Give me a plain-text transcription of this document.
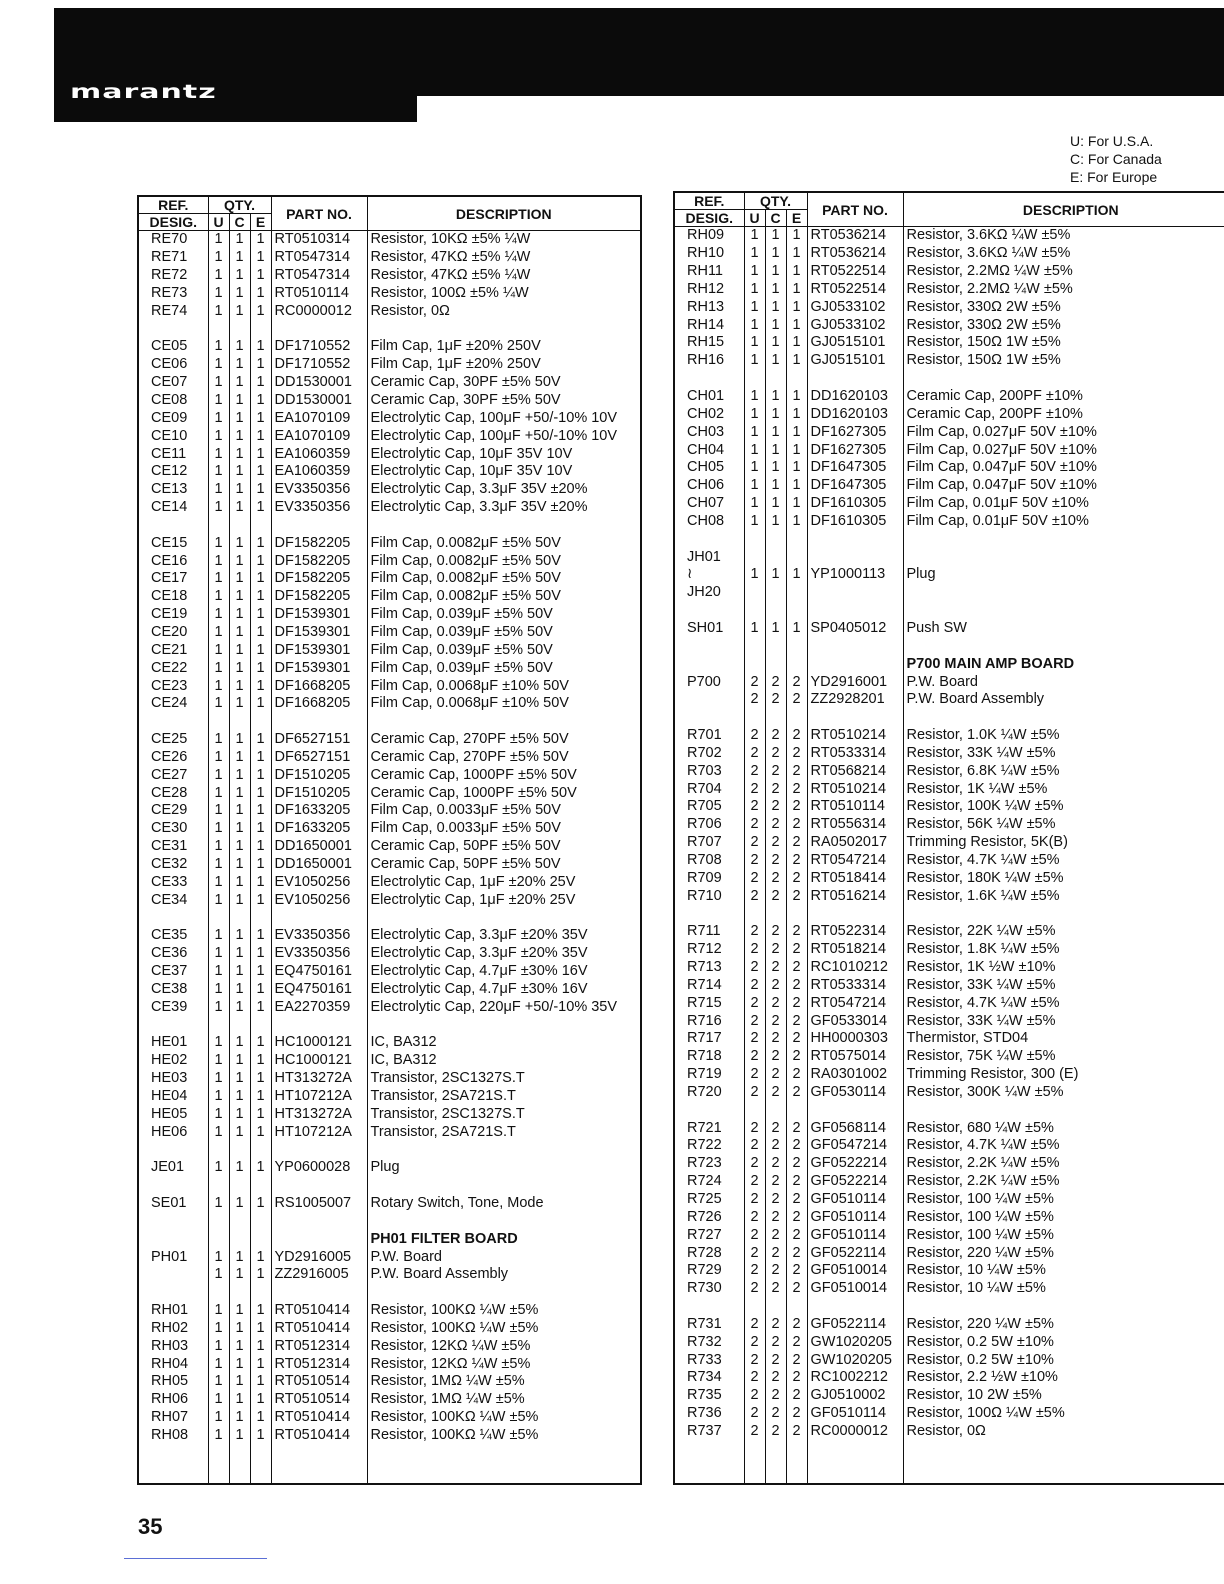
marantz
U: For U.S.A.
C: For Canada
E: For Europe
REF.	QTY.			PART NO.	DESCRIPTION
DESIG.	U	C	E		
RE70	1	1	1	RT0510314	Resistor, 10KΩ ±5% ¼W
RE71	1	1	1	RT0547314	Resistor, 47KΩ ±5% ¼W
RE72	1	1	1	RT0547314	Resistor, 47KΩ ±5% ¼W
RE73	1	1	1	RT0510114	Resistor, 100Ω ±5% ¼W
RE74	1	1	1	RC0000012	Resistor, 0Ω

CE05	1	1	1	DF1710552	Film Cap, 1μF ±20% 250V
CE06	1	1	1	DF1710552	Film Cap, 1μF ±20% 250V
CE07	1	1	1	DD1530001	Ceramic Cap, 30PF ±5% 50V
CE08	1	1	1	DD1530001	Ceramic Cap, 30PF ±5% 50V
CE09	1	1	1	EA1070109	Electrolytic Cap, 100μF +50/-10% 10V
CE10	1	1	1	EA1070109	Electrolytic Cap, 100μF +50/-10% 10V
CE11	1	1	1	EA1060359	Electrolytic Cap, 10μF 35V 10V
CE12	1	1	1	EA1060359	Electrolytic Cap, 10μF 35V 10V
CE13	1	1	1	EV3350356	Electrolytic Cap, 3.3μF 35V ±20%
CE14	1	1	1	EV3350356	Electrolytic Cap, 3.3μF 35V ±20%

CE15	1	1	1	DF1582205	Film Cap, 0.0082μF ±5% 50V
CE16	1	1	1	DF1582205	Film Cap, 0.0082μF ±5% 50V
CE17	1	1	1	DF1582205	Film Cap, 0.0082μF ±5% 50V
CE18	1	1	1	DF1582205	Film Cap, 0.0082μF ±5% 50V
CE19	1	1	1	DF1539301	Film Cap, 0.039μF ±5% 50V
CE20	1	1	1	DF1539301	Film Cap, 0.039μF ±5% 50V
CE21	1	1	1	DF1539301	Film Cap, 0.039μF ±5% 50V
CE22	1	1	1	DF1539301	Film Cap, 0.039μF ±5% 50V
CE23	1	1	1	DF1668205	Film Cap, 0.0068μF ±10% 50V
CE24	1	1	1	DF1668205	Film Cap, 0.0068μF ±10% 50V

CE25	1	1	1	DF6527151	Ceramic Cap, 270PF ±5% 50V
CE26	1	1	1	DF6527151	Ceramic Cap, 270PF ±5% 50V
CE27	1	1	1	DF1510205	Ceramic Cap, 1000PF ±5% 50V
CE28	1	1	1	DF1510205	Ceramic Cap, 1000PF ±5% 50V
CE29	1	1	1	DF1633205	Film Cap, 0.0033μF ±5% 50V
CE30	1	1	1	DF1633205	Film Cap, 0.0033μF ±5% 50V
CE31	1	1	1	DD1650001	Ceramic Cap, 50PF ±5% 50V
CE32	1	1	1	DD1650001	Ceramic Cap, 50PF ±5% 50V
CE33	1	1	1	EV1050256	Electrolytic Cap, 1μF ±20% 25V
CE34	1	1	1	EV1050256	Electrolytic Cap, 1μF ±20% 25V

CE35	1	1	1	EV3350356	Electrolytic Cap, 3.3μF ±20% 35V
CE36	1	1	1	EV3350356	Electrolytic Cap, 3.3μF ±20% 35V
CE37	1	1	1	EQ4750161	Electrolytic Cap, 4.7μF ±30% 16V
CE38	1	1	1	EQ4750161	Electrolytic Cap, 4.7μF ±30% 16V
CE39	1	1	1	EA2270359	Electrolytic Cap, 220μF +50/-10% 35V

HE01	1	1	1	HC1000121	IC, BA312
HE02	1	1	1	HC1000121	IC, BA312
HE03	1	1	1	HT313272A	Transistor, 2SC1327S.T
HE04	1	1	1	HT107212A	Transistor, 2SA721S.T
HE05	1	1	1	HT313272A	Transistor, 2SC1327S.T
HE06	1	1	1	HT107212A	Transistor, 2SA721S.T

JE01	1	1	1	YP0600028	Plug

SE01	1	1	1	RS1005007	Rotary Switch, Tone, Mode

					PH01 FILTER BOARD
PH01	1	1	1	YD2916005	P.W. Board
	1	1	1	ZZ2916005	P.W. Board Assembly

RH01	1	1	1	RT0510414	Resistor, 100KΩ ¼W ±5%
RH02	1	1	1	RT0510414	Resistor, 100KΩ ¼W ±5%
RH03	1	1	1	RT0512314	Resistor, 12KΩ ¼W ±5%
RH04	1	1	1	RT0512314	Resistor, 12KΩ ¼W ±5%
RH05	1	1	1	RT0510514	Resistor, 1MΩ ¼W ±5%
RH06	1	1	1	RT0510514	Resistor, 1MΩ ¼W ±5%
RH07	1	1	1	RT0510414	Resistor, 100KΩ ¼W ±5%
RH08	1	1	1	RT0510414	Resistor, 100KΩ ¼W ±5%

REF.	QTY.			PART NO.	DESCRIPTION
DESIG.	U	C	E		
RH09	1	1	1	RT0536214	Resistor, 3.6KΩ ¼W ±5%
RH10	1	1	1	RT0536214	Resistor, 3.6KΩ ¼W ±5%
RH11	1	1	1	RT0522514	Resistor, 2.2MΩ ¼W ±5%
RH12	1	1	1	RT0522514	Resistor, 2.2MΩ ¼W ±5%
RH13	1	1	1	GJ0533102	Resistor, 330Ω 2W ±5%
RH14	1	1	1	GJ0533102	Resistor, 330Ω 2W ±5%
RH15	1	1	1	GJ0515101	Resistor, 150Ω 1W ±5%
RH16	1	1	1	GJ0515101	Resistor, 150Ω 1W ±5%

CH01	1	1	1	DD1620103	Ceramic Cap, 200PF ±10%
CH02	1	1	1	DD1620103	Ceramic Cap, 200PF ±10%
CH03	1	1	1	DF1627305	Film Cap, 0.027μF 50V ±10%
CH04	1	1	1	DF1627305	Film Cap, 0.027μF 50V ±10%
CH05	1	1	1	DF1647305	Film Cap, 0.047μF 50V ±10%
CH06	1	1	1	DF1647305	Film Cap, 0.047μF 50V ±10%
CH07	1	1	1	DF1610305	Film Cap, 0.01μF 50V ±10%
CH08	1	1	1	DF1610305	Film Cap, 0.01μF 50V ±10%

JH01					
≀	1	1	1	YP1000113	Plug
JH20					

SH01	1	1	1	SP0405012	Push SW

					P700 MAIN AMP BOARD
P700	2	2	2	YD2916001	P.W. Board
	2	2	2	ZZ2928201	P.W. Board Assembly

R701	2	2	2	RT0510214	Resistor, 1.0K ¼W ±5%
R702	2	2	2	RT0533314	Resistor, 33K ¼W ±5%
R703	2	2	2	RT0568214	Resistor, 6.8K ¼W ±5%
R704	2	2	2	RT0510214	Resistor, 1K ¼W ±5%
R705	2	2	2	RT0510114	Resistor, 100K ¼W ±5%
R706	2	2	2	RT0556314	Resistor, 56K ¼W ±5%
R707	2	2	2	RA0502017	Trimming Resistor, 5K(B)
R708	2	2	2	RT0547214	Resistor, 4.7K ¼W ±5%
R709	2	2	2	RT0518414	Resistor, 180K ¼W ±5%
R710	2	2	2	RT0516214	Resistor, 1.6K ¼W ±5%

R711	2	2	2	RT0522314	Resistor, 22K ¼W ±5%
R712	2	2	2	RT0518214	Resistor, 1.8K ¼W ±5%
R713	2	2	2	RC1010212	Resistor, 1K ½W ±10%
R714	2	2	2	RT0533314	Resistor, 33K ¼W ±5%
R715	2	2	2	RT0547214	Resistor, 4.7K ¼W ±5%
R716	2	2	2	GF0533014	Resistor, 33K ¼W ±5%
R717	2	2	2	HH0000303	Thermistor, STD04
R718	2	2	2	RT0575014	Resistor, 75K ¼W ±5%
R719	2	2	2	RA0301002	Trimming Resistor, 300 (E)
R720	2	2	2	GF0530114	Resistor, 300K ¼W ±5%

R721	2	2	2	GF0568114	Resistor, 680 ¼W ±5%
R722	2	2	2	GF0547214	Resistor, 4.7K ¼W ±5%
R723	2	2	2	GF0522214	Resistor, 2.2K ¼W ±5%
R724	2	2	2	GF0522214	Resistor, 2.2K ¼W ±5%
R725	2	2	2	GF0510114	Resistor, 100 ¼W ±5%
R726	2	2	2	GF0510114	Resistor, 100 ¼W ±5%
R727	2	2	2	GF0510114	Resistor, 100 ¼W ±5%
R728	2	2	2	GF0522114	Resistor, 220 ¼W ±5%
R729	2	2	2	GF0510014	Resistor, 10 ¼W ±5%
R730	2	2	2	GF0510014	Resistor, 10 ¼W ±5%

R731	2	2	2	GF0522114	Resistor, 220 ¼W ±5%
R732	2	2	2	GW1020205	Resistor, 0.2 5W ±10%
R733	2	2	2	GW1020205	Resistor, 0.2 5W ±10%
R734	2	2	2	RC1002212	Resistor, 2.2 ½W ±10%
R735	2	2	2	GJ0510002	Resistor, 10 2W ±5%
R736	2	2	2	GF0510114	Resistor, 100Ω ¼W ±5%
R737	2	2	2	RC0000012	Resistor, 0Ω

35
